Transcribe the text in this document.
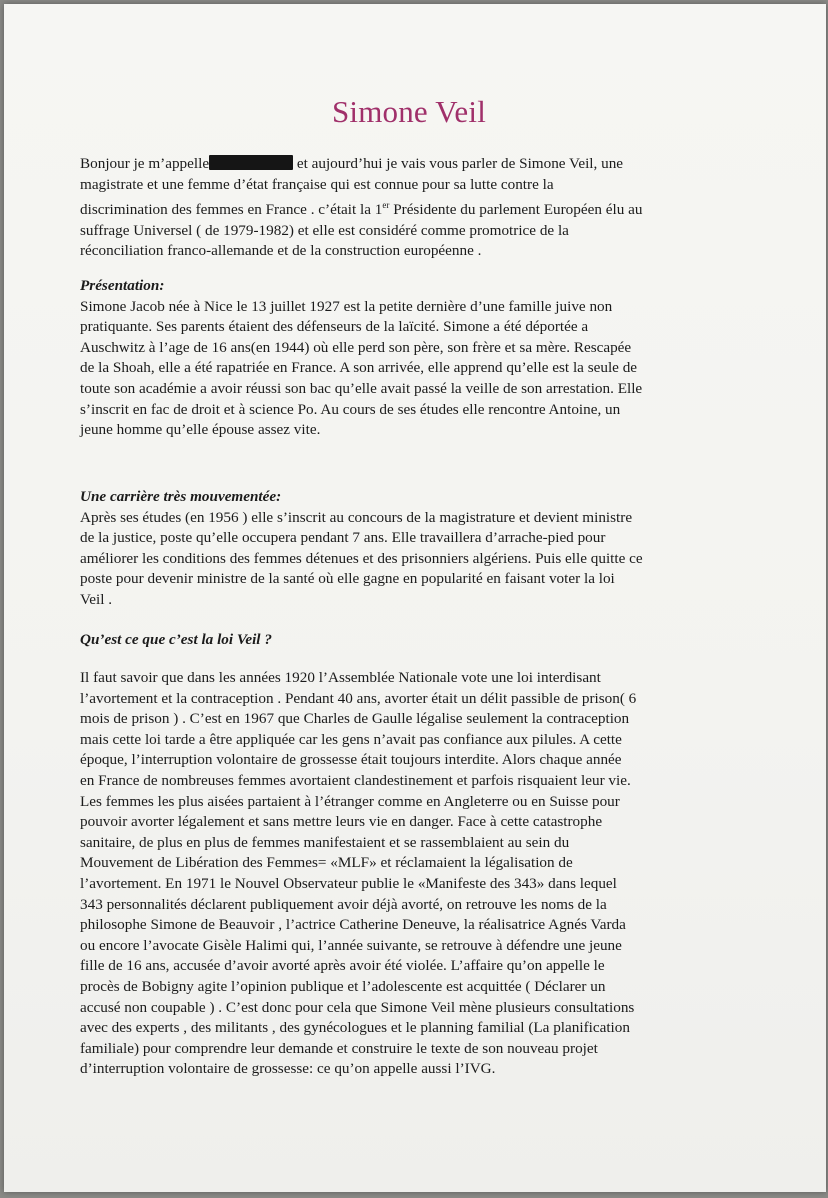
Simone Veil

Bonjour je m’appelle	et aujourd’hui je vais vous parler de Simone Veil, une

magistrate et une femme d’état française qui est connue pour sa lutte contre la

discrimination des femmes en France . c’était la 1er Présidente du parlement Européen élu au

suffrage Universel ( de 1979-1982) et elle est considéré comme promotrice de la

réconciliation franco-allemande et de la construction européenne .

Présentation:

Simone Jacob née à Nice le 13 juillet 1927 est la petite dernière d’une famille juive non

pratiquante. Ses parents étaient des défenseurs de la laïcité. Simone a été déportée a

Auschwitz à l’age de 16 ans(en 1944) où elle perd son père, son frère et sa mère. Rescapée

de la Shoah, elle a été rapatriée en France. A son arrivée, elle apprend qu’elle est la seule de

toute son académie a avoir réussi son bac qu’elle avait passé la veille de son arrestation. Elle

s’inscrit en fac de droit et à science Po. Au cours de ses études elle rencontre Antoine, un

jeune homme qu’elle épouse assez vite.

Une carrière très mouvementée:

Après ses études (en 1956 ) elle s’inscrit au concours de la magistrature et devient ministre

de la justice, poste qu’elle occupera pendant 7 ans. Elle travaillera d’arrache-pied pour

améliorer les conditions des femmes détenues et des prisonniers algériens. Puis elle quitte ce

poste pour devenir ministre de la santé où elle gagne en popularité en faisant voter la loi

Veil .

Qu’est ce que c’est la loi Veil ?

Il faut savoir que dans les années 1920 l’Assemblée Nationale vote une loi interdisant

l’avortement et la contraception . Pendant 40 ans, avorter était un délit passible de prison( 6

mois de prison ) . C’est en 1967 que Charles de Gaulle légalise seulement la contraception

mais cette loi tarde a être appliquée car les gens n’avait pas confiance aux pilules. A cette

époque, l’interruption volontaire de grossesse était toujours interdite. Alors chaque année

en France de nombreuses femmes avortaient clandestinement et parfois risquaient leur vie.

Les femmes les plus aisées partaient à l’étranger comme en Angleterre ou en Suisse pour

pouvoir avorter légalement et sans mettre leurs vie en danger. Face à cette catastrophe

sanitaire, de plus en plus de femmes manifestaient et se rassemblaient au sein du

Mouvement de Libération des Femmes= «MLF» et réclamaient la légalisation de

l’avortement. En 1971 le Nouvel Observateur publie le «Manifeste des 343» dans lequel

343 personnalités déclarent publiquement avoir déjà avorté, on retrouve les noms de la

philosophe Simone de Beauvoir , l’actrice Catherine Deneuve, la réalisatrice Agnés Varda

ou encore l’avocate Gisèle Halimi qui, l’année suivante, se retrouve à défendre une jeune

fille de 16 ans, accusée d’avoir avorté après avoir été violée. L’affaire qu’on appelle le

procès de Bobigny agite l’opinion publique et l’adolescente est acquittée ( Déclarer un

accusé non coupable ) . C’est donc pour cela que Simone Veil mène plusieurs consultations

avec des experts , des militants , des gynécologues et le planning familial (La planification

familiale) pour comprendre leur demande et construire le texte de son nouveau projet

d’interruption volontaire de grossesse: ce qu’on appelle aussi l’IVG.
